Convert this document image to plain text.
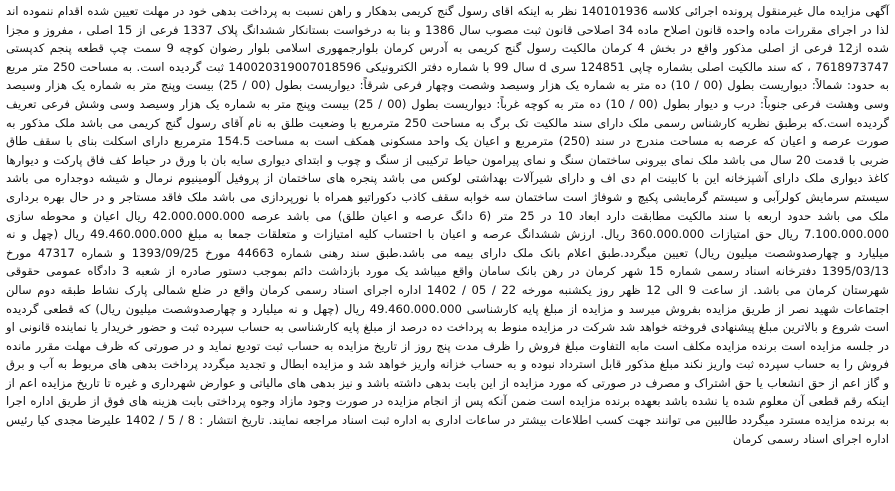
آگهی مزایده مال غیرمنقول پرونده اجرائی کلاسه 140101936 نظر به اینکه اقای رسول گنج کریمی بدهکار و راهن نسبت به پرداخت بدهی خود در مهلت تعیین شده اقدام ننموده اند لذا در اجرای مقررات ماده واحده قانون اصلاح ماده 34 اصلاحی قانون ثبت مصوب سال 1386 و بنا به درخواست بستانکار ششدانگ پلاک 1337 فرعی از 15 اصلی ، مفروز و مجزا شده از12 فرعی از اصلی مذکور واقع در بخش 4 کرمان مالکیت رسول گنج کریمی به آدرس کرمان بلوارجمهوری اسلامی بلوار رضوان کوچه 9 سمت چپ قطعه پنجم کدپستی 7618973747 ، که سند مالکیت اصلی بشماره چاپی 124851 سری d سال 99 با شماره دفتر الکترونیکی 140020319007018596 ثبت گردیده است. به مساحت 250 متر مربع به حدود: شمالاً: دیواریست بطول (00 / 10) ده متر به شماره یک هزار وسیصد وشصت وچهار فرعی شرقاً: دیواریست بطول (00 / 25) بیست وپنج متر به شماره یک هزار وسیصد وسی وهشت فرعی جنوباً: درب و دیوار بطول (00 / 10) ده متر به کوچه غرباً: دیواریست بطول (00 / 25) بیست وپنج متر به شماره یک هزار وسیصد وسی وشش فرعی تعریف گردیده است.که برطبق نظریه کارشناس رسمی ملک دارای سند مالکیت تک برگ به مساحت 250 مترمربع با وضعیت طلق به نام آقای رسول گنج کریمی می باشد ملک مذکور به صورت عرصه و اعیان که عرصه به مساحت مندرج در سند (250) مترمربع و اعیان یک واحد مسکونی همکف است به مساحت 154.5 مترمربع دارای اسکلت بنای با سقف طاق ضربی با قدمت 20 سال می باشد ملک نمای بیرونی ساختمان سنگ و نمای پیرامون حیاط ترکیبی از سنگ و چوب و ابتدای دیواری سایه بان با ورق در حیاط کف فاق پارکت و دیوارها کاغذ دیواری ملک دارای آشپزخانه این با کابینت ام دی اف و دارای شیرآلات بهداشتی لوکس می باشد پنجره های ساختمان از پروفیل آلومینیوم نرمال و شیشه دوجداره می باشد سیستم سرمایش کولرآبی و سیستم گرمایشی پکیچ و شوفاژ است ساختمان سه خوابه سقف کاذب دکوراتیو همراه با نورپردازی می باشد ملک فاقد مستاجر و در حال بهره برداری ملک می باشد حدود اربعه با سند مالکیت مطابقت دارد ابعاد 10 در 25 متر (6 دانگ عرصه و اعیان طلق) می باشد عرصه 42.000.000.000 ریال اعیان و محوطه سازی 7.100.000.000 ریال حق امتیازات 360.000.000 ریال. ارزش ششدانگ عرصه و اعیان با احتساب کلیه امتیازات و متعلقات جمعا به مبلغ 49.460.000.000 ریال (چهل و نه میلیارد و چهارصدوشصت میلیون ریال) تعیین میگردد.طبق اعلام بانک ملک دارای بیمه می باشد.طبق سند رهنی شماره 44663 مورخ 1393/09/25 و شماره 47317 مورخ 1395/03/13 دفترخانه اسناد رسمی شماره 15 شهر کرمان در رهن بانک سامان واقع میباشد یک مورد بازداشت دائم بموجب دستور صادره از شعبه 3 دادگاه عمومی حقوقی شهرستان کرمان می باشد. از ساعت 9 الی 12 ظهر روز یکشنبه مورخه 22 / 05 / 1402 اداره اجرای اسناد رسمی کرمان واقع در ضلع شمالی پارک نشاط طبقه دوم سالن اجتماعات شهید نصر از طریق مزایده بفروش میرسد و مزایده از مبلغ پایه کارشناسی 49.460.000.000 ریال (چهل و نه میلیارد و چهارصدوشصت میلیون ریال) که قطعی گردیده است شروع و بالاترین مبلغ پیشنهادی فروخته خواهد شد شرکت در مزایده منوط به پرداخت ده درصد از مبلغ پایه کارشناسی به حساب سپرده ثبت و حضور خریدار یا نماینده قانونی او در جلسه مزایده است برنده مزایده مکلف است مابه التفاوت مبلغ فروش را ظرف مدت پنج روز از تاریخ مزایده به حساب ثبت تودیع نماید و در صورتی که ظرف مهلت مقرر مانده فروش را به حساب سپرده ثبت واریز نکند مبلغ مذکور قابل استرداد نبوده و به حساب خزانه واریز خواهد شد و مزایده ابطال و تجدید میگردد پرداخت بدهی های مربوط به آب و برق و گاز اعم از حق انشعاب یا حق اشتراک و مصرف در صورتی که مورد مزایده از این بابت بدهی داشته باشد و نیز بدهی های مالیاتی و عوارض شهرداری و غیره تا تاریخ مزایده اعم از اینکه رقم قطعی آن معلوم شده یا نشده باشد بعهده برنده مزایده است ضمن آنکه پس از انجام مزایده در صورت وجود مازاد وجوه پرداختی بابت هزینه های فوق از طریق اداره اجرا به برنده مزایده مسترد میگردد طالبین می توانند جهت کسب اطلاعات بیشتر در ساعات اداری به اداره ثبت اسناد مراجعه نمایند. تاریخ انتشار : 8 / 5 / 1402 علیرضا مجدی کیا رئیس اداره اجرای اسناد رسمی کرمان
